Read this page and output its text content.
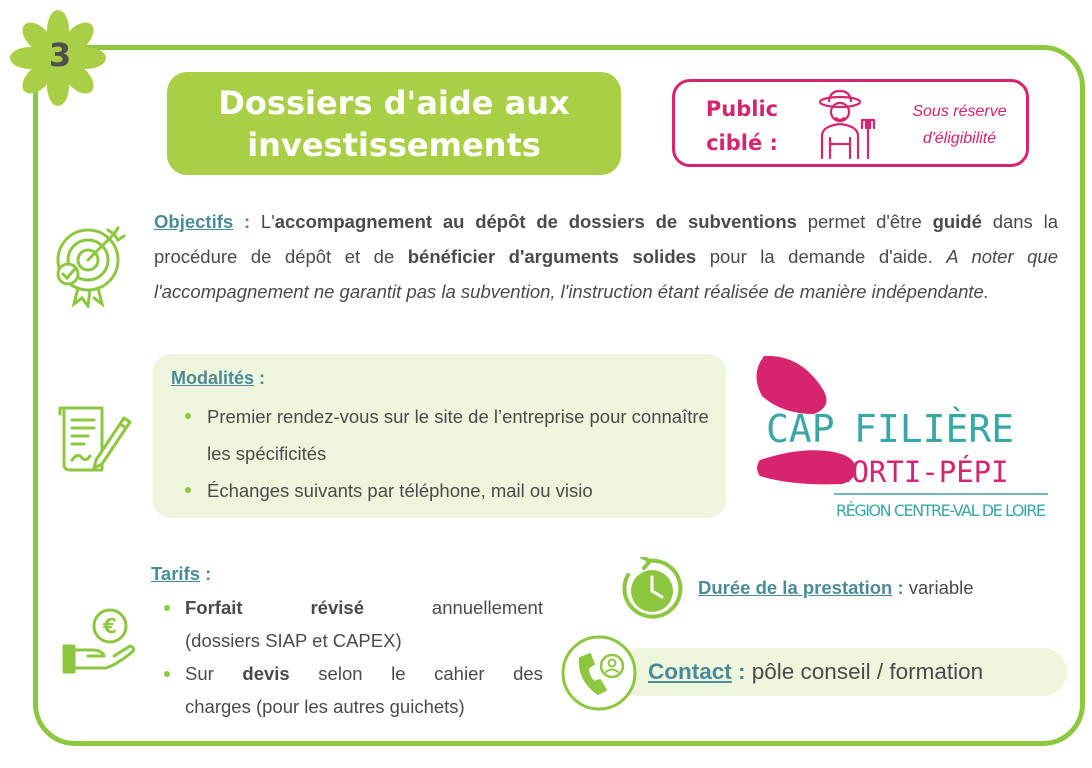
3
Dossiers d'aide aux
investissements
Public
ciblé :
Sous réserve
d'éligibilité
Objectifs : L'accompagnement au dépôt de dossiers de subventions permet d'être guidé dans la procédure de dépôt et de bénéficier d'arguments solides pour la demande d'aide. A noter que l'accompagnement ne garantit pas la subvention, l'instruction étant réalisée de manière indépendante.
Modalités :
Premier rendez-vous sur le site de l’entreprise pour connaître les spécificités
Échanges suivants par téléphone, mail ou visio
CAP FILIÈRE
HORTI-PÉPI
RÉGION CENTRE-VAL DE LOIRE
€
Tarifs :
Forfait	révisé	annuellement
(dossiers SIAP et CAPEX)
Sur devis selon le cahier des
charges (pour les autres guichets)
Durée de la prestation : variable
Contact : pôle conseil / formation
